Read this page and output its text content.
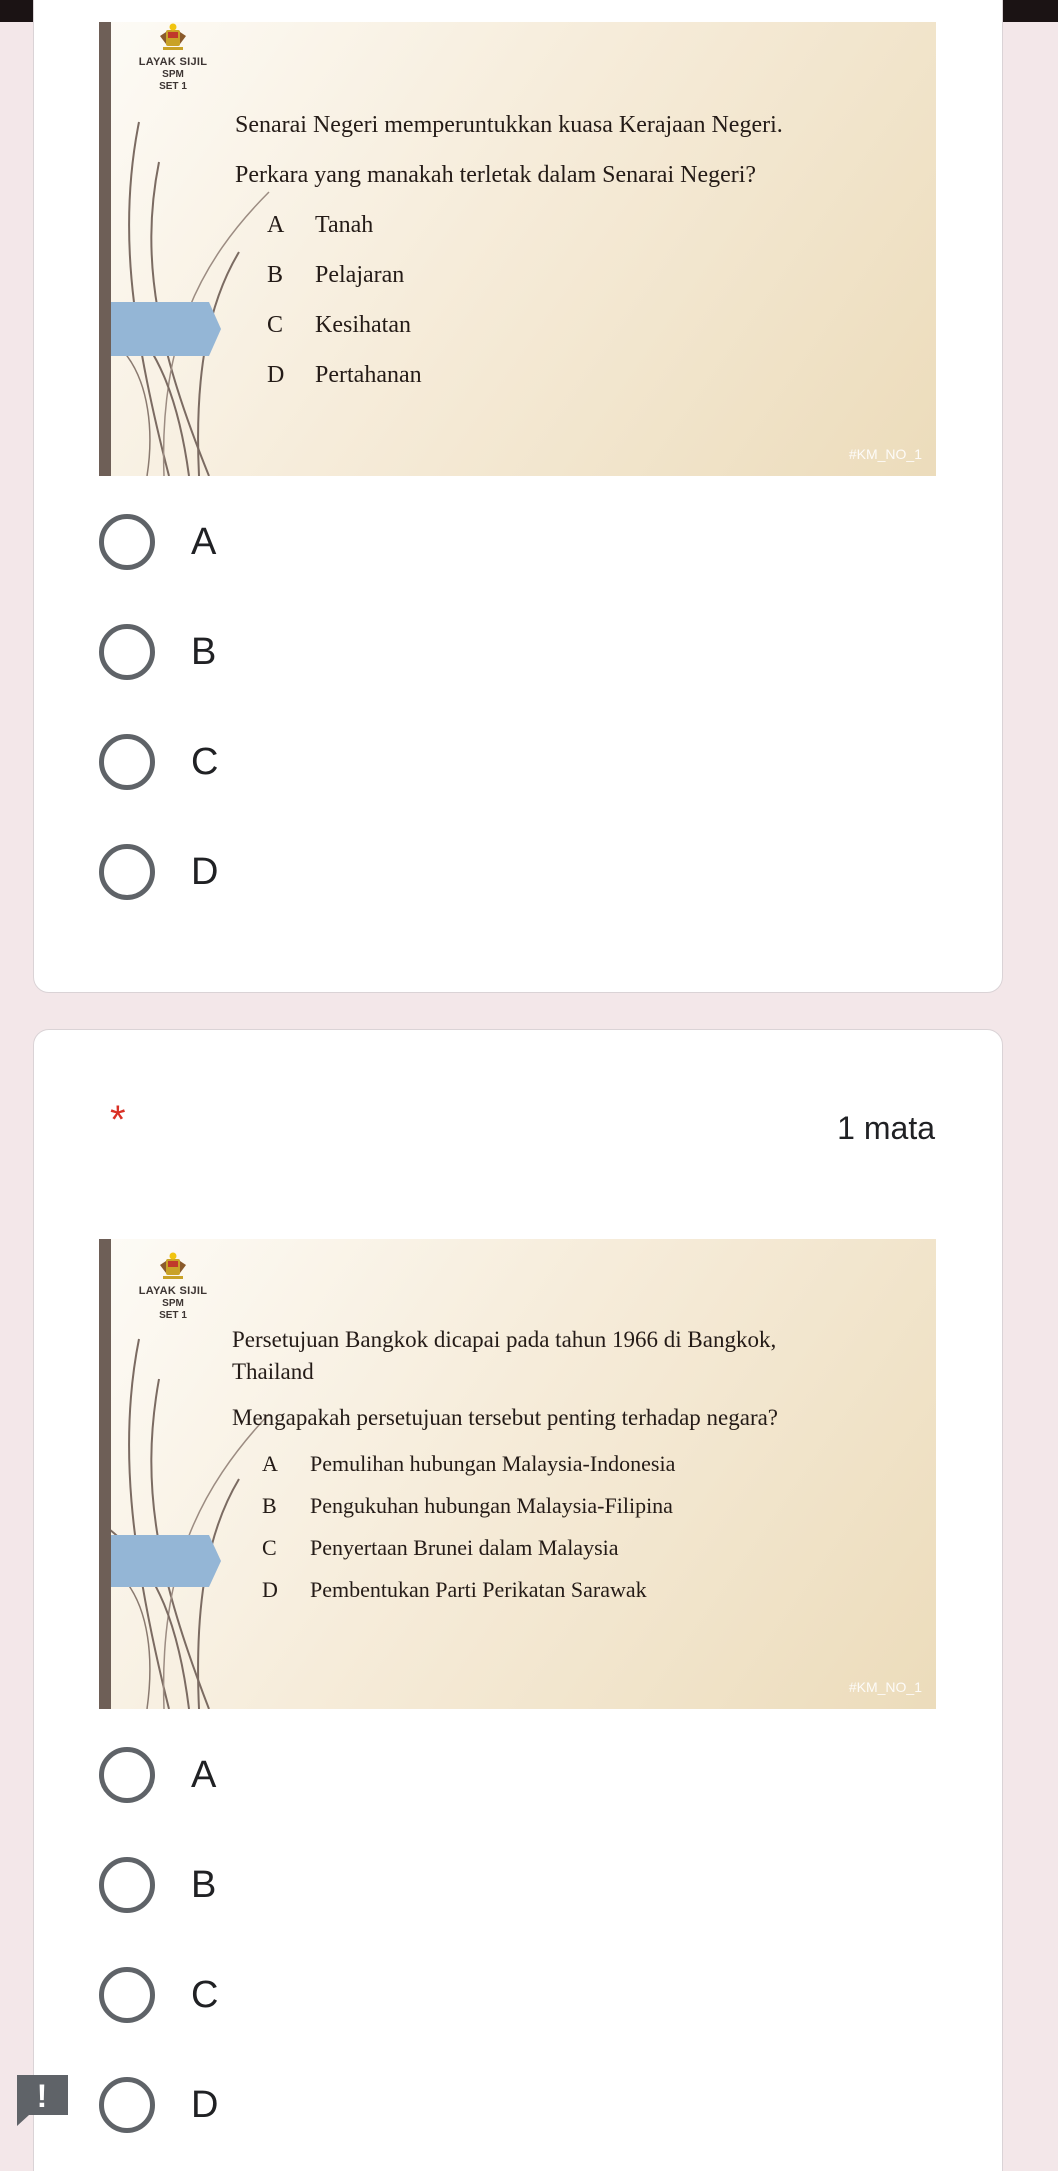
LAYAK SIJIL
SPM
SET 1
Senarai Negeri memperuntukkan kuasa Kerajaan Negeri.
Perkara yang manakah terletak dalam Senarai Negeri?
A Tanah
B Pelajaran
C Kesihatan
D Pertahanan
#KM_NO_1
A
B
C
D
*	1 mata
LAYAK SIJIL
SPM
SET 1
Persetujuan Bangkok dicapai pada tahun 1966 di Bangkok,
Thailand
Mengapakah persetujuan tersebut penting terhadap negara?
A Pemulihan hubungan Malaysia-Indonesia
B Pengukuhan hubungan Malaysia-Filipina
C Penyertaan Brunei dalam Malaysia
D Pembentukan Parti Perikatan Sarawak
#KM_NO_1
A
B
C
D
!
